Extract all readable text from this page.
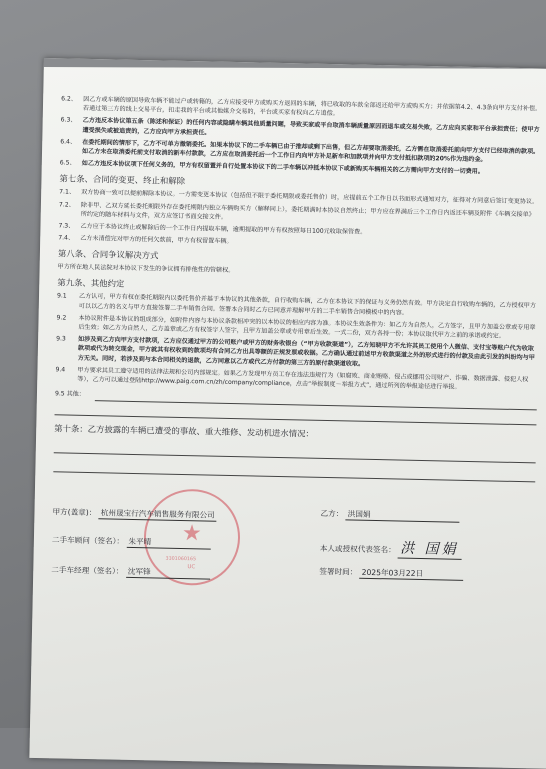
6.2、 因乙方或车辆的原因导致车辆不能过户或转籍的，乙方应接受甲方或购买方退回的车辆，将已收取的车款全部返还给甲方或购买方；并依据第4.2、4.3条向甲方支付补偿。若通过第三方的线上交易平台，扣走我的平台或其他媒介交易的，平台或买家有权向乙方追偿。
6.3、 乙方违反本协议第五条（陈述和保证）的任何内容或隐瞒车辆其他质量问题，导致买家或平台取消车辆质量原因而退车或交易失败，乙方应向买家和平台承担责任；使甲方遭受损失或被追责的，乙方应向甲方承担责任。
6.4、 在委托期间的情形下，乙方不可单方撤销委托。如果本协议下的二手车辆已由于推却或剩下出售，但乙方却要取消委托，乙方需在取消委托前向甲方支付已经取消的款项。如乙方未在取消委托前支付取消的新车付款款，乙方应在取消委托后一个工作日内向甲方补足新车和加款项并向甲方支付抵扣款项的20%作为违约金。
6.5、 如乙方违反本协议项下任何义务的，甲方有权留置并自行处置本协议下的二手车辆以冲抵本协议下或新购买车辆相关的乙方需向甲方支付的一切费用。
第七条、合同的变更、终止和解除
7.1、 双方协商一致可以提前解除本协议。一方需变更本协议（包括但不限于委托期限或委托售价）时，应提前五个工作日以书面形式通知对方，征得对方同意后签订变更协议。
7.2、 除非甲、乙双方延长委托期限外存在委托期限内独立车辆购买方（解释同上），委托期满时本协议自然终止；甲方应在界满后三个工作日内返还车辆及附件《车辆交接单》所约定的随车材料与文件，双方应签订书面交接文件。
7.3、 乙方应于本协议终止或解除后的一个工作日内提取车辆，逾期提取的甲方有权按照每日100元收取保管费。
7.4、 乙方未清偿完对甲方的任何欠款前，甲方有权留置车辆。
第八条、合同争议解决方式
甲方所在地人民法院对本协议下发生的争议拥有排他性的管辖权。
第九条、其他约定
9.1	乙方认可，甲方有权在委托期限内以委托售价并基于本协议的其他条款，自行收购车辆，乙方在本协议下的保证与义务仍然有效。甲方决定自行收购车辆的，乙方授权甲方可以以乙方的名义与甲方直接签署二手车销售合同。签署本合同时乙方已同意并理解甲方的二手车销售合同模板中的内容。
9.2	本协议附件是本协议的组成部分，如附件内容与本协议条款相冲突的以本协议的相应内容为准。本协议生效条件为：如乙方为自然人，乙方签字，且甲方加盖公章或专用章后生效；如乙方为自然人，乙方盖章或乙方有权签字人签字，且甲方加盖公章或专用章后生效。一式二份，双方各持一份；本协议取代甲方之前的承诺或约定。
9.3	如涉及到乙方向甲方支付款项，乙方应仅通过甲方的公司账户或甲方的财务收银台（“甲方收款渠道”），乙方知晓甲方不允许其员工使用个人微信、支付宝等账户代为收取款项或代为转交现金，甲方就其有权收到的款项均有合同乙方出具等额的正规发票或收据。乙方确认通过前述甲方收款渠道之外的形式进行的付款及由此引发的纠纷均与甲方无关。同时，若涉及到与本合同相关的退款，乙方同意以乙方或代乙方付款的第三方的原付款渠道收取。
9.4	甲方要求其员工遵守适用的法律法规和公司内部规定。如果乙方发现甲方员工存在违法违规行为（如腐败、商业贿赂、侵占或挪用公司财产、诈骗、数据泄露、侵犯人权等），乙方可以通过登陆http://www.paig.com.cn/zh/company/compliance，点击“举报制度－举报方式”，通过所列的举报途径进行举报。
9.5 其他：
第十条：乙方披露的车辆已遭受的事故、重大维修、发动机进水情况：
★
3301060165
UC
甲方(盖章)： 杭州晟宝行汽车销售服务有限公司
二手车顾问（签名）： 朱平晴
二手车经理（签名）： 沈军锋
乙方： 洪国娟
本人或授权代表签名： 洪 国娟
签署时间： 2025年03月22日
